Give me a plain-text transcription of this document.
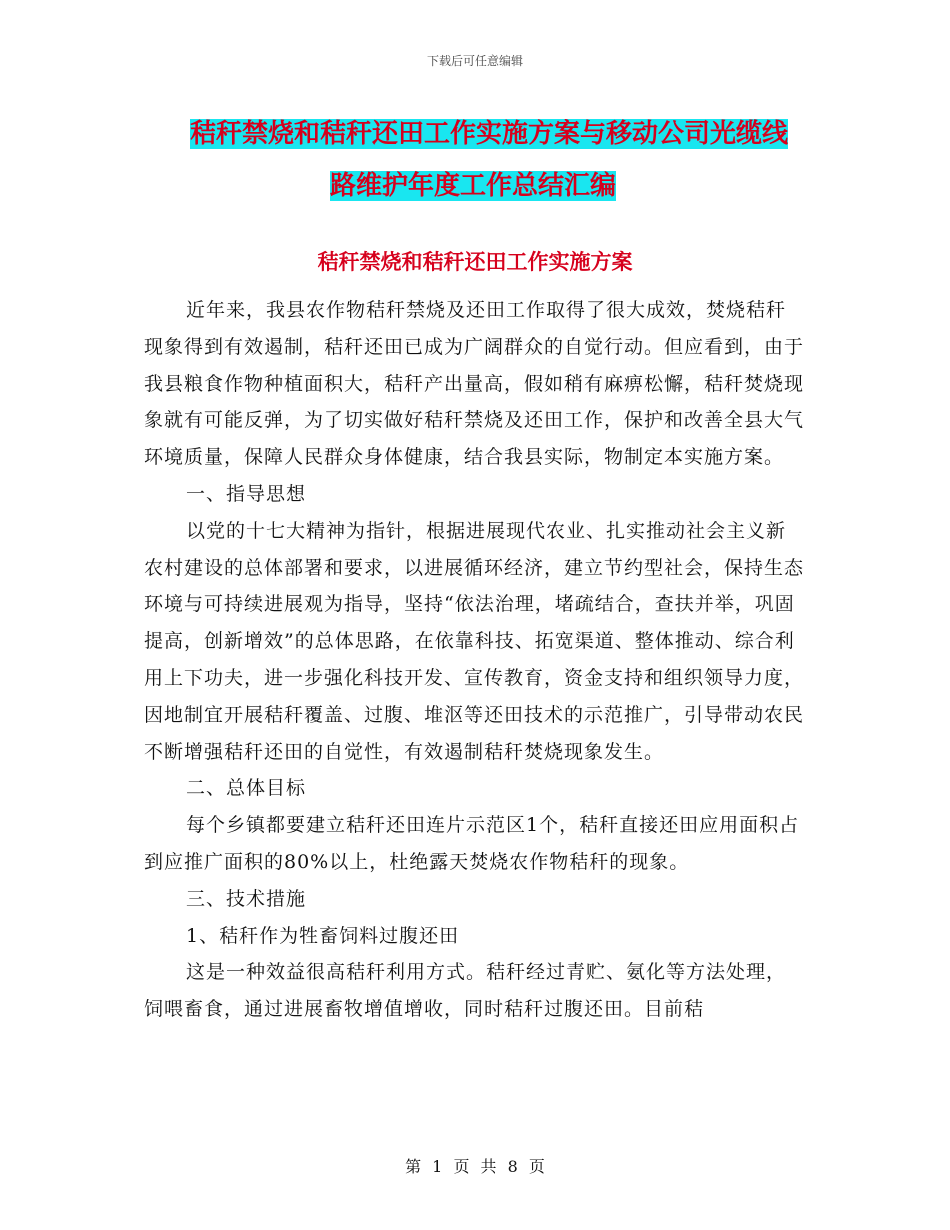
下载后可任意编辑
秸秆禁烧和秸秆还田工作实施方案与移动公司光缆线
路维护年度工作总结汇编
秸秆禁烧和秸秆还田工作实施方案

近年来，我县农作物秸秆禁烧及还田工作取得了很大成效，焚烧秸秆现象得到有效遏制，秸秆还田已成为广阔群众的自觉行动。但应看到，由于我县粮食作物种植面积大，秸秆产出量高，假如稍有麻痹松懈，秸秆焚烧现象就有可能反弹，为了切实做好秸秆禁烧及还田工作，保护和改善全县大气环境质量，保障人民群众身体健康，结合我县实际，物制定本实施方案。

一、指导思想

以党的十七大精神为指针，根据进展现代农业、扎实推动社会主义新农村建设的总体部署和要求，以进展循环经济，建立节约型社会，保持生态环境与可持续进展观为指导，坚持“依法治理，堵疏结合，查扶并举，巩固提高，创新增效”的总体思路，在依靠科技、拓宽渠道、整体推动、综合利用上下功夫，进一步强化科技开发、宣传教育，资金支持和组织领导力度，因地制宜开展秸秆覆盖、过腹、堆沤等还田技术的示范推广，引导带动农民不断增强秸秆还田的自觉性，有效遏制秸秆焚烧现象发生。

二、总体目标

每个乡镇都要建立秸秆还田连片示范区1个，秸秆直接还田应用面积占到应推广面积的80%以上，杜绝露天焚烧农作物秸秆的现象。

三、技术措施

1、秸秆作为牲畜饲料过腹还田

这是一种效益很高秸秆利用方式。秸秆经过青贮、氨化等方法处理，饲喂畜食，通过进展畜牧增值增收，同时秸秆过腹还田。目前秸

第 1 页 共 8 页
